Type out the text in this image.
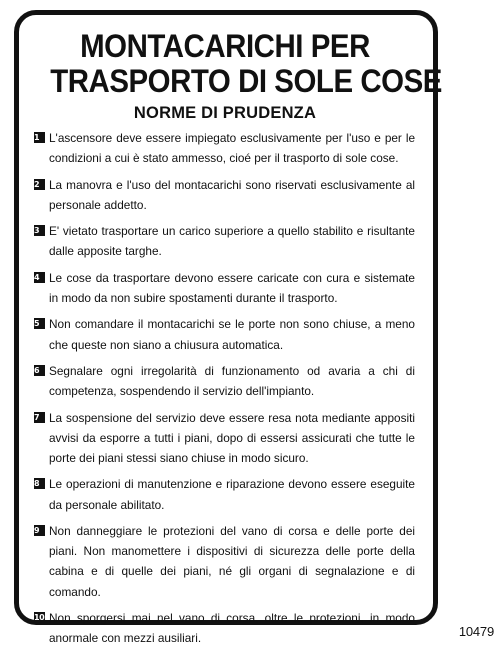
MONTACARICHI PER
TRASPORTO DI SOLE COSE
NORME DI PRUDENZA
1 L'ascensore deve essere impiegato esclusivamente per l'uso e per le condizioni a cui è stato ammesso, cioé per il trasporto di sole cose.
2 La manovra e l'uso del montacarichi sono riservati esclusivamente al personale addetto.
3 E' vietato trasportare un carico superiore a quello stabilito e risultante dalle apposite targhe.
4 Le cose da trasportare devono essere caricate con cura e sistemate in modo da non subire spostamenti durante il trasporto.
5 Non comandare il montacarichi se le porte non sono chiuse, a meno che queste non siano a chiusura automatica.
6 Segnalare ogni irregolarità di funzionamento od avaria a chi di competenza, sospendendo il servizio dell'impianto.
7 La sospensione del servizio deve essere resa nota mediante appositi avvisi da esporre a tutti i piani, dopo di essersi assicurati che tutte le porte dei piani stessi siano chiuse in modo sicuro.
8 Le operazioni di manutenzione e riparazione devono essere eseguite da personale abilitato.
9 Non danneggiare le protezioni del vano di corsa e delle porte dei piani. Non manomettere i dispositivi di sicurezza delle porte della cabina e di quelle dei piani, né gli organi di segnalazione e di comando.
10 Non sporgersi mai nel vano di corsa, oltre le protezioni, in modo anormale con mezzi ausiliari.	10479
